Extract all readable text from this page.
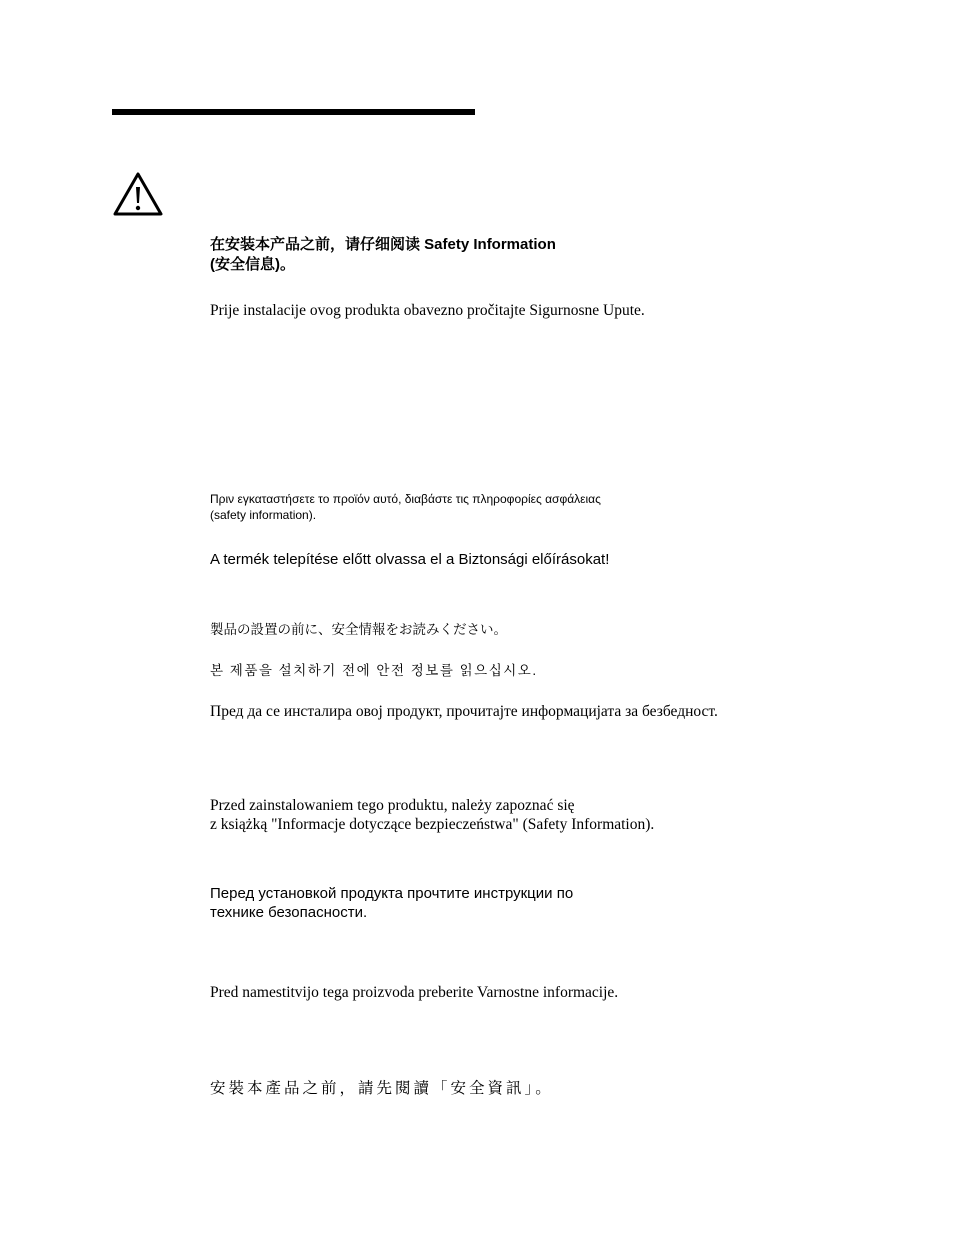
在安装本产品之前，请仔细阅读 Safety Information
(安全信息)。

Prije instalacije ovog produkta obavezno pročitajte Sigurnosne Upute.

Πριν εγκαταστήσετε το προϊόν αυτό, διαβάστε τις πληροφορίες ασφάλειας
(safety information).

A termék telepítése előtt olvassa el a Biztonsági előírásokat!

製品の設置の前に、安全情報をお読みください。

본 제품을 설치하기 전에 안전 정보를 읽으십시오.

Пред да се инсталира овој продукт, прочитајте информацијата за безбедност.

Przed zainstalowaniem tego produktu, należy zapoznać się
z książką "Informacje dotyczące bezpieczeństwa" (Safety Information).

Перед установкой продукта прочтите инструкции по
технике безопасности.

Pred namestitvijo tega proizvoda preberite Varnostne informacije.

安裝本產品之前，請先閱讀「安全資訊」。
